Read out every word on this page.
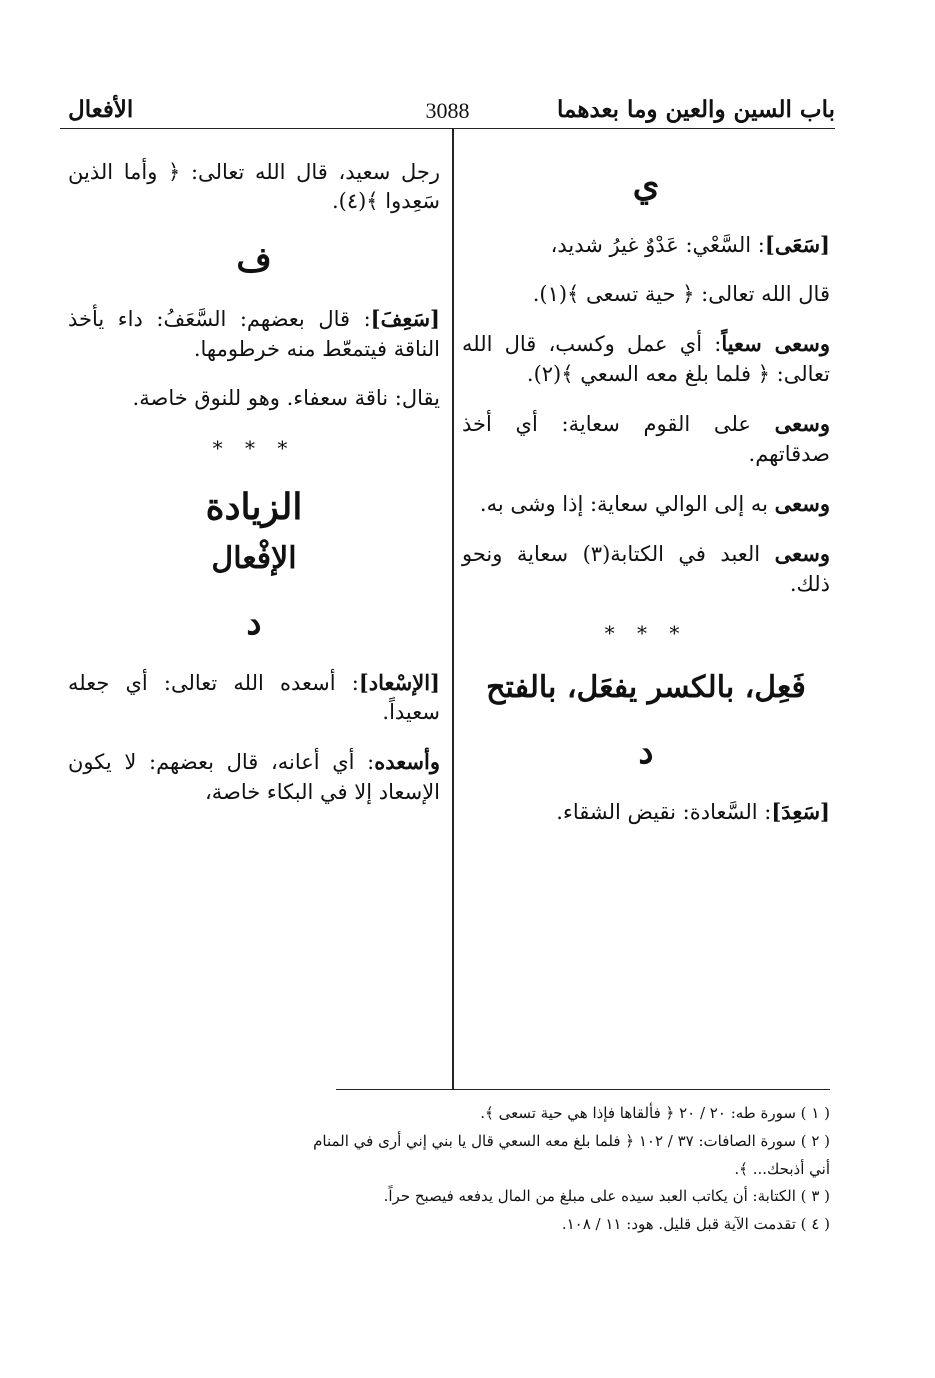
باب السين والعين وما بعدهما
3088
الأفعال
ي

[سَعَى]: السَّعْي: عَدْوٌ غيرُ شديد،

قال الله تعالى: ﴿ حية تسعى ﴾(١).

وسعى سعياً: أي عمل وكسب، قال الله تعالى: ﴿ فلما بلغ معه السعي ﴾(٢).

وسعى على القوم سعاية: أي أخذ صدقاتهم.

وسعى به إلى الوالي سعاية: إذا وشى به.

وسعى العبد في الكتابة(٣) سعاية ونحو ذلك.

* * *
فَعِل، بالكسر يفعَل، بالفتح
د

[سَعِدَ]: السَّعادة: نقيض الشقاء.

رجل سعيد، قال الله تعالى: ﴿ وأما الذين سَعِدوا ﴾(٤).

ف

[سَعِفَ]: قال بعضهم: السَّعَفُ: داء يأخذ الناقة فيتمعّط منه خرطومها.

يقال: ناقة سعفاء. وهو للنوق خاصة.

* * *
الزيادة
الإفْعال
د

[الإسْعاد]: أسعده الله تعالى: أي جعله سعيداً.

وأسعده: أي أعانه، قال بعضهم: لا يكون الإسعاد إلا في البكاء خاصة،

( ١ ) سورة طه: ٢٠ / ٢٠ ﴿ فألقاها فإذا هي حية تسعى ﴾.
( ٢ ) سورة الصافات: ٣٧ / ١٠٢ ﴿ فلما بلغ معه السعي قال يا بني إني أرى في المنام أني أذبحك... ﴾.
( ٣ ) الكتابة: أن يكاتب العبد سيده على مبلغ من المال يدفعه فيصبح حراً.
( ٤ ) تقدمت الآية قبل قليل. هود: ١١ / ١٠٨.
